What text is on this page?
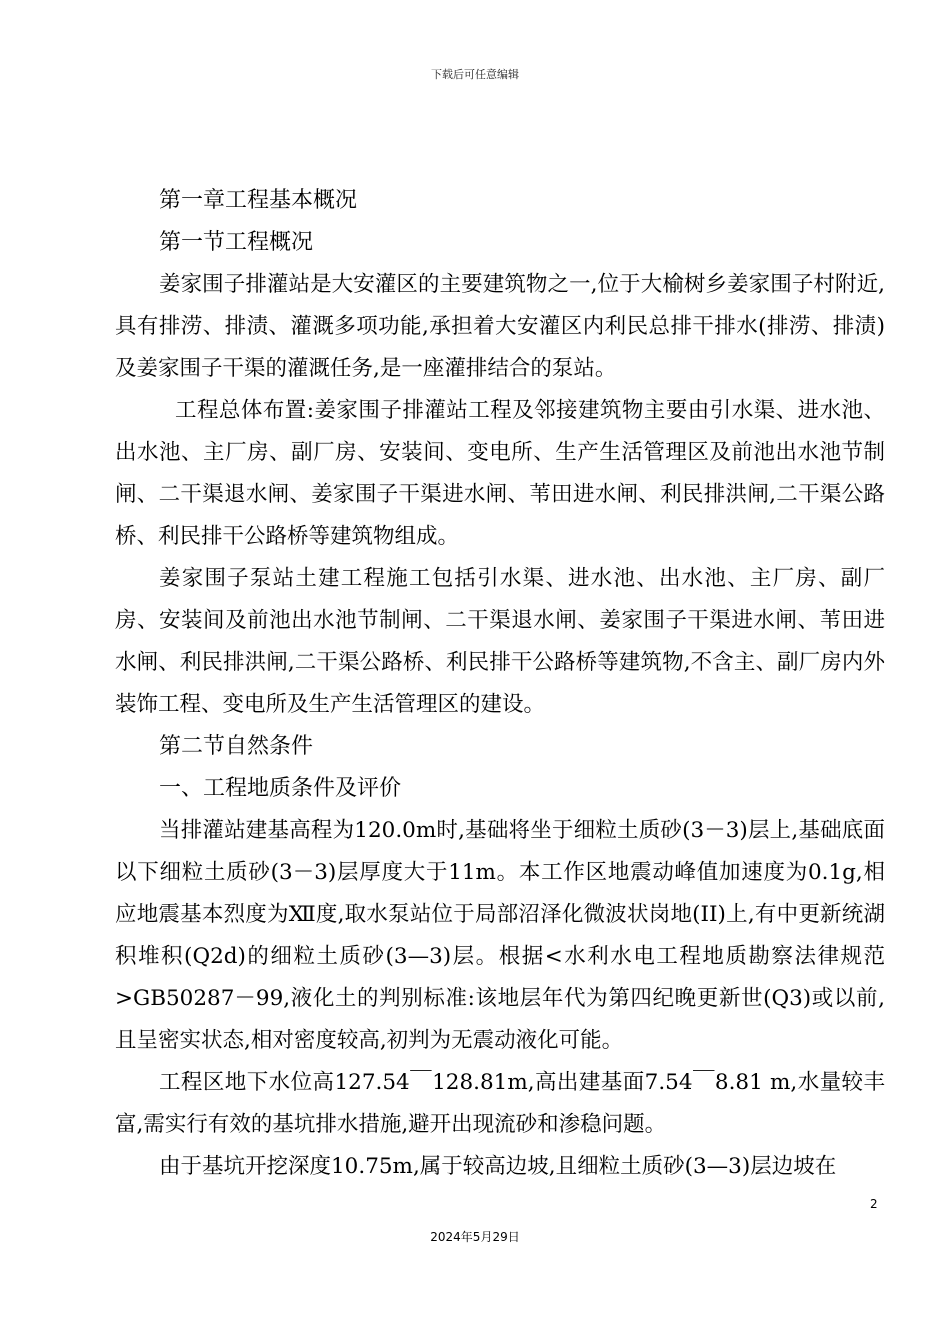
下载后可任意编辑
第一章工程基本概况
第一节工程概况

姜家围子排灌站是大安灌区的主要建筑物之一,位于大榆树乡姜家围子村附近,具有排涝、排渍、灌溉多项功能,承担着大安灌区内利民总排干排水(排涝、排渍)及姜家围子干渠的灌溉任务,是一座灌排结合的泵站。

工程总体布置:姜家围子排灌站工程及邻接建筑物主要由引水渠、进水池、出水池、主厂房、副厂房、安装间、变电所、生产生活管理区及前池出水池节制闸、二干渠退水闸、姜家围子干渠进水闸、苇田进水闸、利民排洪闸,二干渠公路桥、利民排干公路桥等建筑物组成。

姜家围子泵站土建工程施工包括引水渠、进水池、出水池、主厂房、副厂房、安装间及前池出水池节制闸、二干渠退水闸、姜家围子干渠进水闸、苇田进水闸、利民排洪闸,二干渠公路桥、利民排干公路桥等建筑物,不含主、副厂房内外装饰工程、变电所及生产生活管理区的建设。

第二节自然条件
一、工程地质条件及评价

当排灌站建基高程为120.0m时,基础将坐于细粒土质砂(3－3)层上,基础底面以下细粒土质砂(3－3)层厚度大于11m。本工作区地震动峰值加速度为0.1g,相应地震基本烈度为Ⅻ度,取水泵站位于局部沼泽化微波状岗地(II)上,有中更新统湖积堆积(Q2d)的细粒土质砂(3—3)层。根据<水利水电工程地质勘察法律规范>GB50287－99,液化土的判别标准:该地层年代为第四纪晚更新世(Q3)或以前,且呈密实状态,相对密度较高,初判为无震动液化可能。

工程区地下水位高127.54￣128.81m,高出建基面7.54￣8.81 m,水量较丰富,需实行有效的基坑排水措施,避开出现流砂和渗稳问题。

由于基坑开挖深度10.75m,属于较高边坡,且细粒土质砂(3—3)层边坡在

2
2024年5月29日
